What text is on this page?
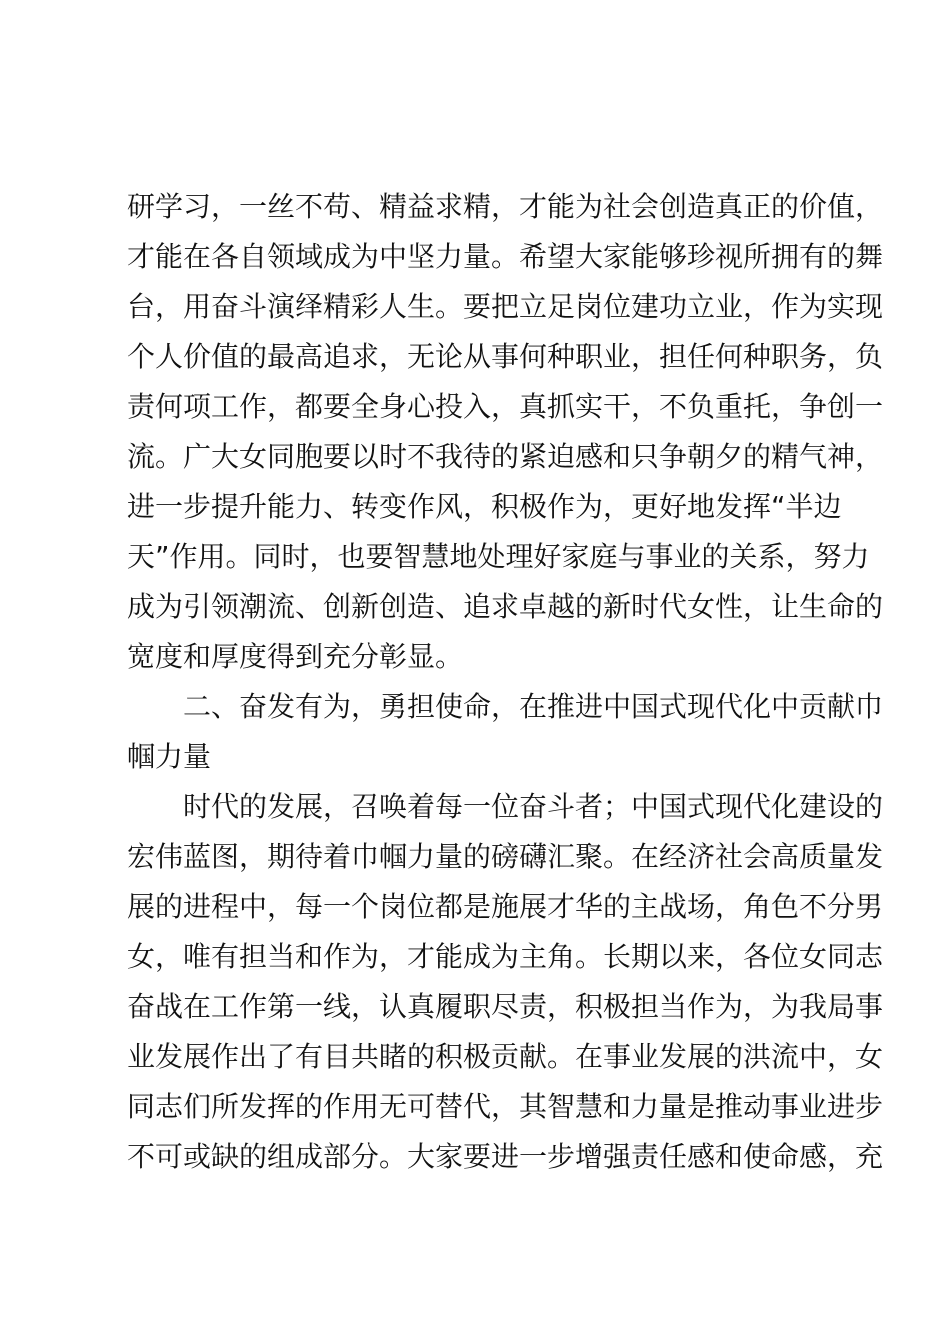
研学习，一丝不苟、精益求精，才能为社会创造真正的价值，
才能在各自领域成为中坚力量。希望大家能够珍视所拥有的舞
台，用奋斗演绎精彩人生。要把立足岗位建功立业，作为实现
个人价值的最高追求，无论从事何种职业，担任何种职务，负
责何项工作，都要全身心投入，真抓实干，不负重托，争创一
流。广大女同胞要以时不我待的紧迫感和只争朝夕的精气神，
进一步提升能力、转变作风，积极作为，更好地发挥“半边
天”作用。同时，也要智慧地处理好家庭与事业的关系，努力
成为引领潮流、创新创造、追求卓越的新时代女性，让生命的
宽度和厚度得到充分彰显。
二、奋发有为，勇担使命，在推进中国式现代化中贡献巾
帼力量
时代的发展，召唤着每一位奋斗者；中国式现代化建设的
宏伟蓝图，期待着巾帼力量的磅礴汇聚。在经济社会高质量发
展的进程中，每一个岗位都是施展才华的主战场，角色不分男
女，唯有担当和作为，才能成为主角。长期以来，各位女同志
奋战在工作第一线，认真履职尽责，积极担当作为，为我局事
业发展作出了有目共睹的积极贡献。在事业发展的洪流中，女
同志们所发挥的作用无可替代，其智慧和力量是推动事业进步
不可或缺的组成部分。大家要进一步增强责任感和使命感，充
